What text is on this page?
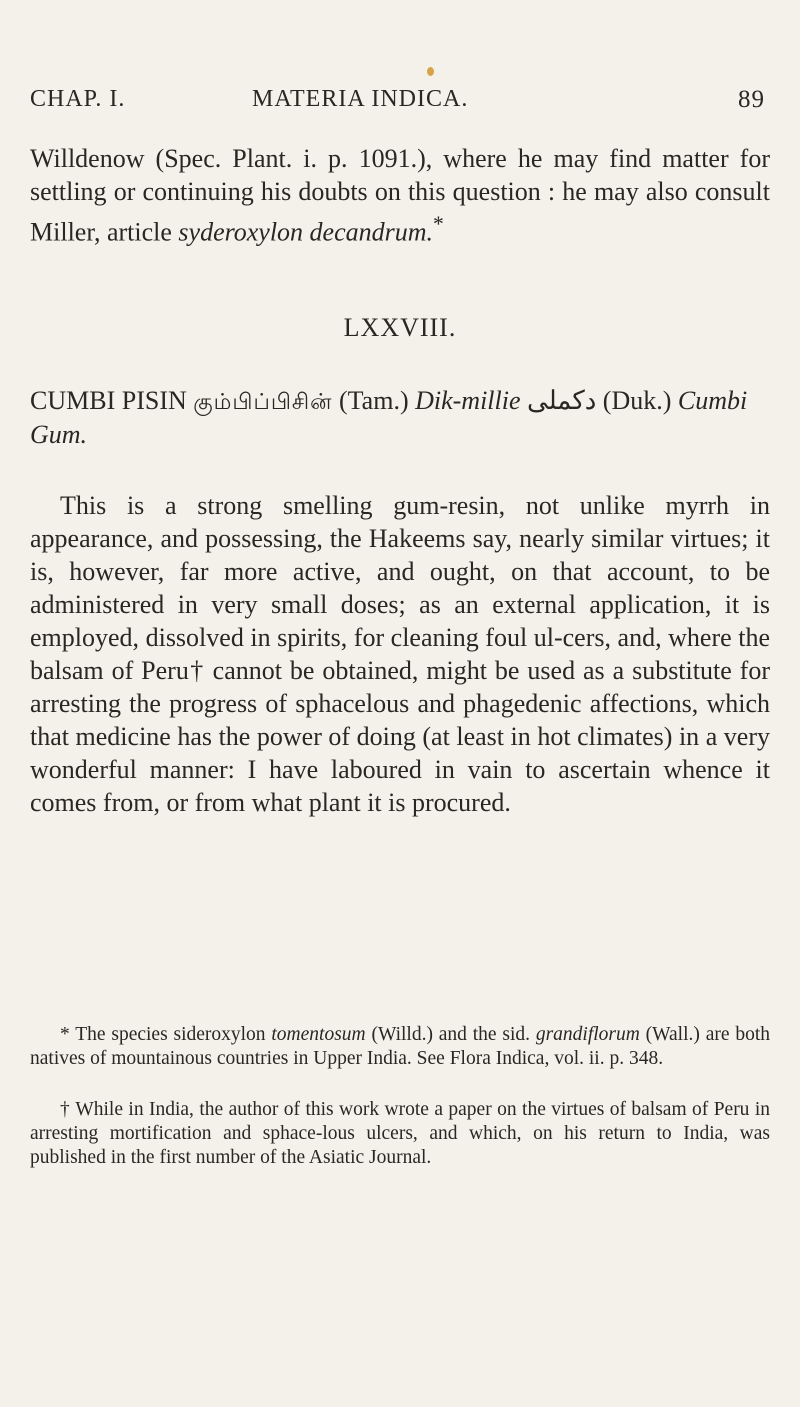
CHAP. I.	MATERIA INDICA.	89

Willdenow (Spec. Plant. i. p. 1091.), where he may find matter for settling or continuing his doubts on this question : he may also consult Miller, article syderoxylon decandrum.*

LXXVIII.

CUMBI PISIN கும்பிப்பிசின் (Tam.) Dik-millie دکملی (Duk.) Cumbi Gum.

This is a strong smelling gum-resin, not unlike myrrh in appearance, and possessing, the Hakeems say, nearly similar virtues; it is, however, far more active, and ought, on that account, to be administered in very small doses; as an external application, it is employed, dissolved in spirits, for cleaning foul ul-cers, and, where the balsam of Peru† cannot be obtained, might be used as a substitute for arresting the progress of sphacelous and phagedenic affections, which that medicine has the power of doing (at least in hot climates) in a very wonderful manner: I have laboured in vain to ascertain whence it comes from, or from what plant it is procured.

* The species sideroxylon tomentosum (Willd.) and the sid. grandiflorum (Wall.) are both natives of mountainous countries in Upper India. See Flora Indica, vol. ii. p. 348.

† While in India, the author of this work wrote a paper on the virtues of balsam of Peru in arresting mortification and sphace-lous ulcers, and which, on his return to India, was published in the first number of the Asiatic Journal.
